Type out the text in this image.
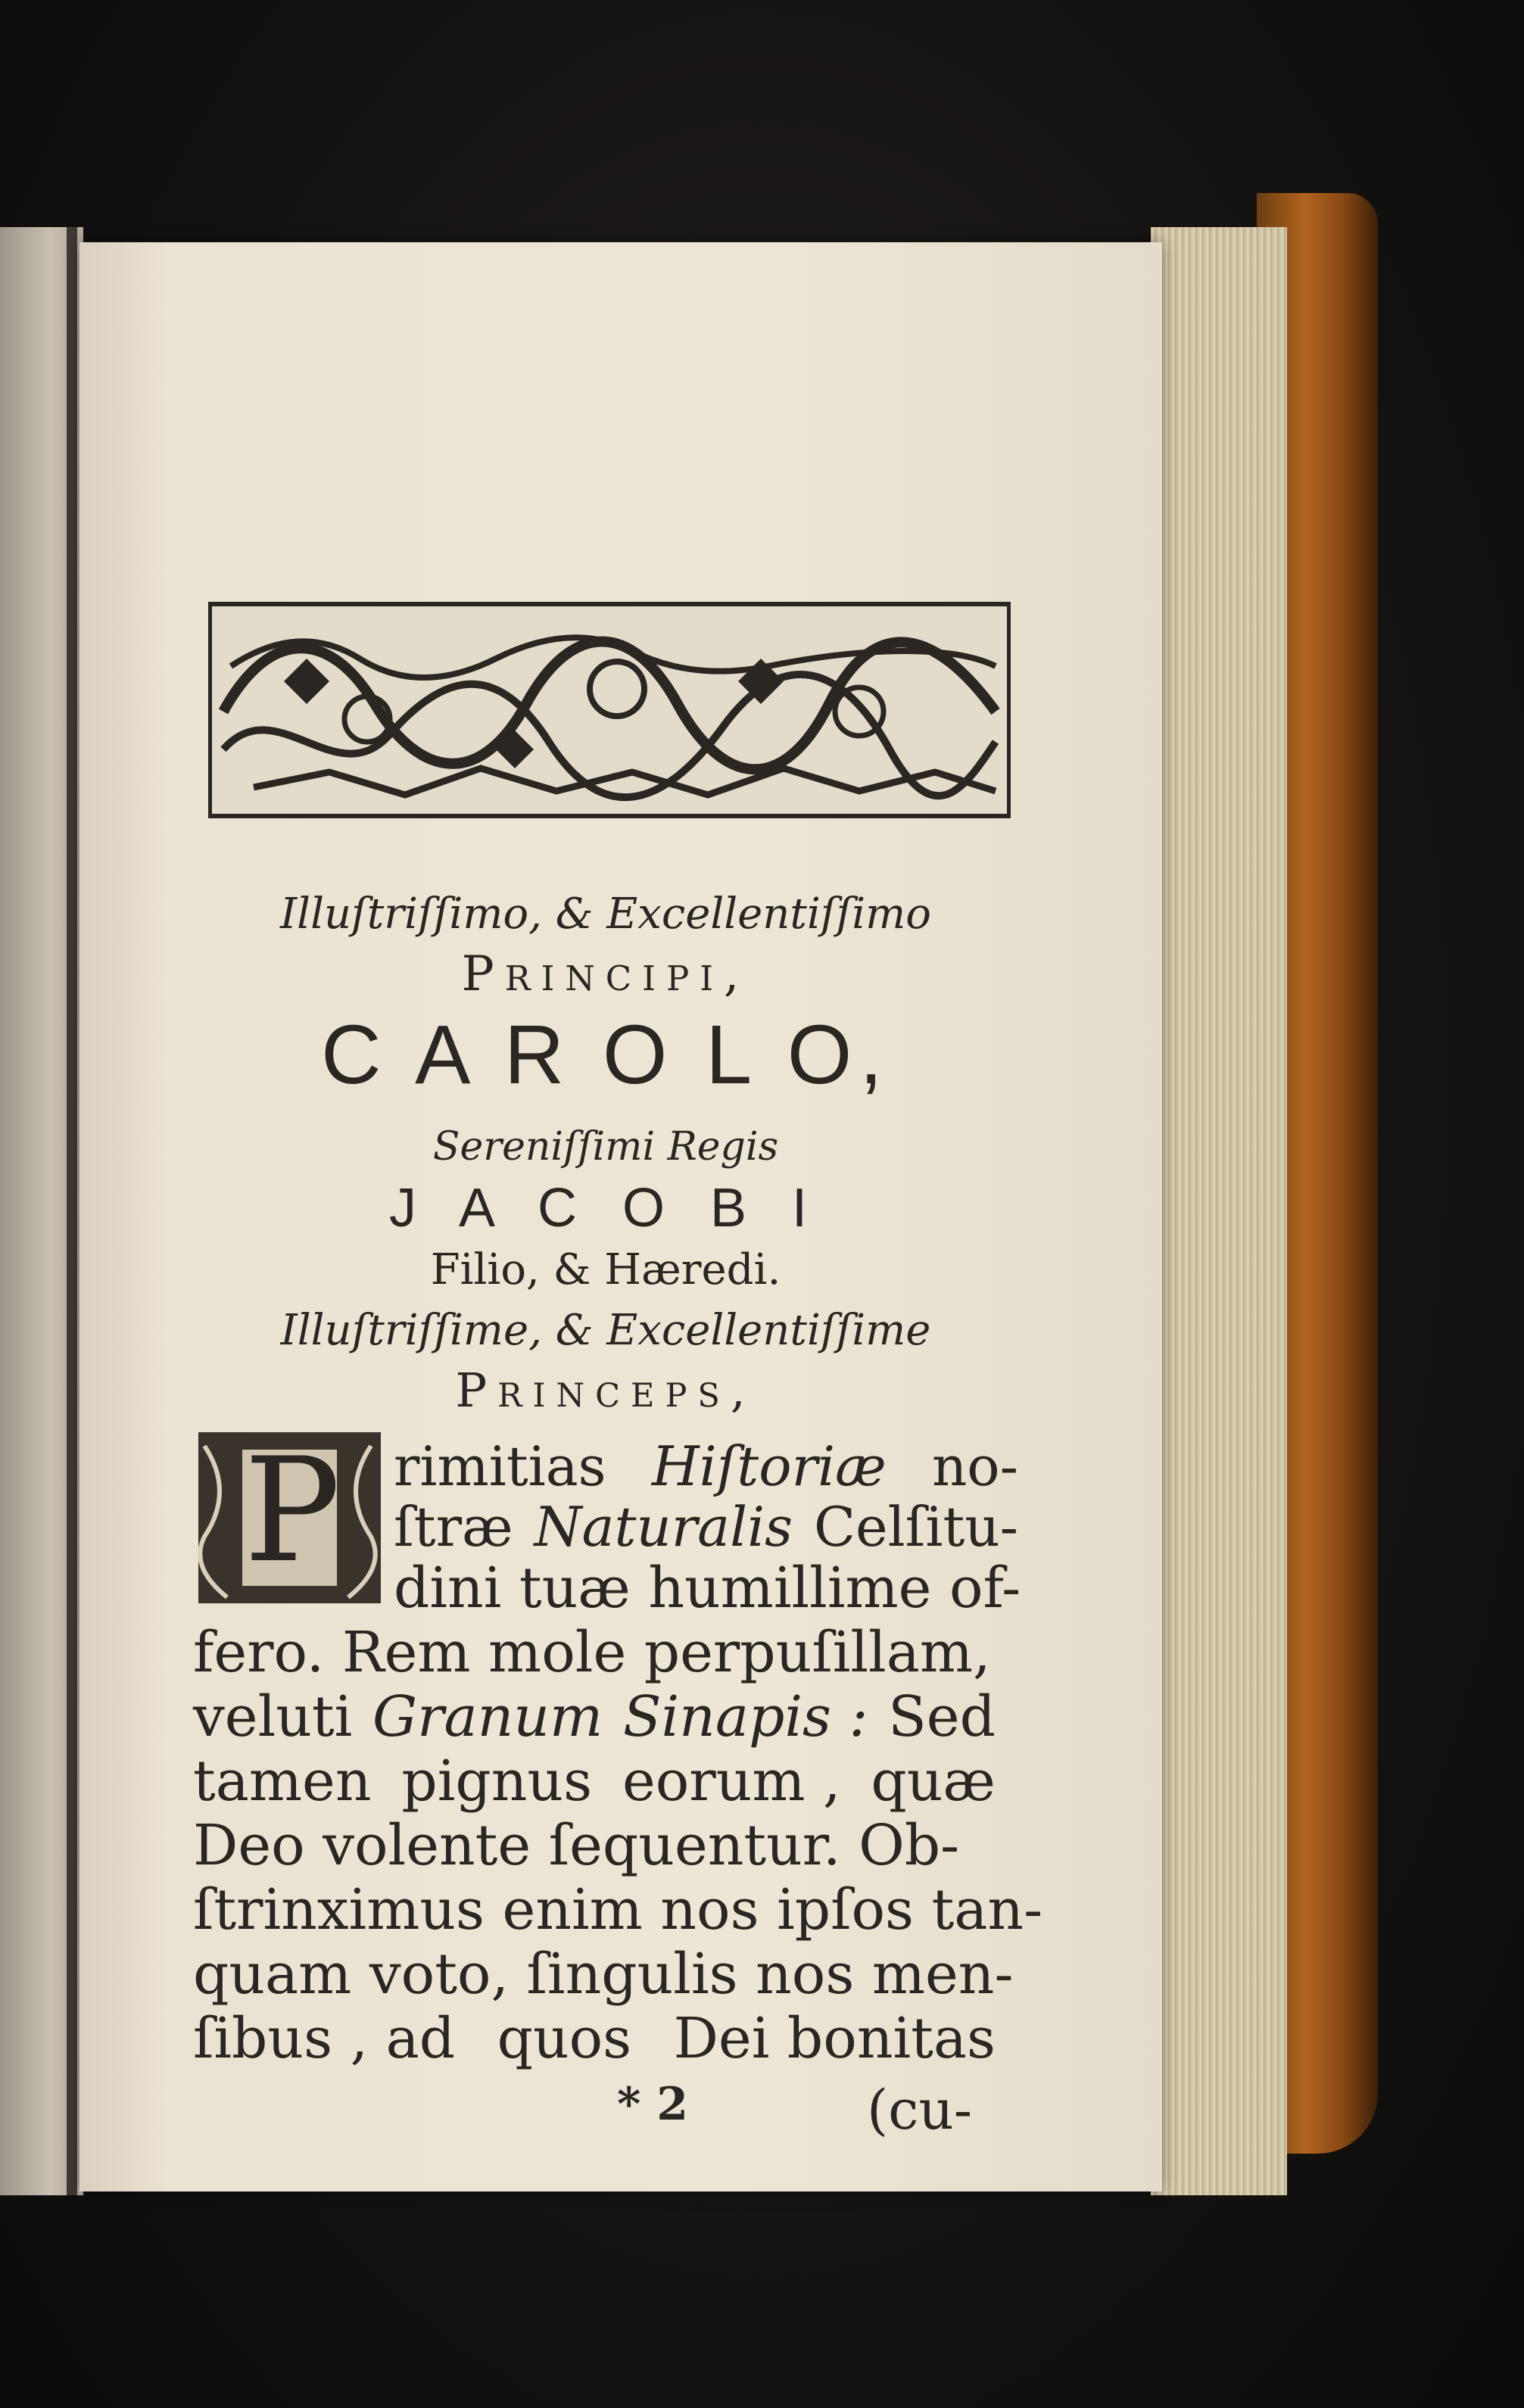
Illuſtriſſimo, & Excellentiſſimo
Principi,
C A R O L O,
Sereniſſimi Regis
J A C O B I
Filio, & Hæredi.
Illuſtriſſime, & Excellentiſſime
Princeps,
P rimitias Hiſtoriæ no-
ſtræ Naturalis Celſitu-
dini tuæ humillime of-
fero. Rem mole perpuſillam,
veluti Granum Sinapis : Sed
tamen pignus eorum , quæ
Deo volente ſequentur. Ob-
ſtrinximus enim nos ipſos tan-
quam voto, ſingulis nos men-
ſibus , ad quos Dei bonitas
* 2	(cu-
